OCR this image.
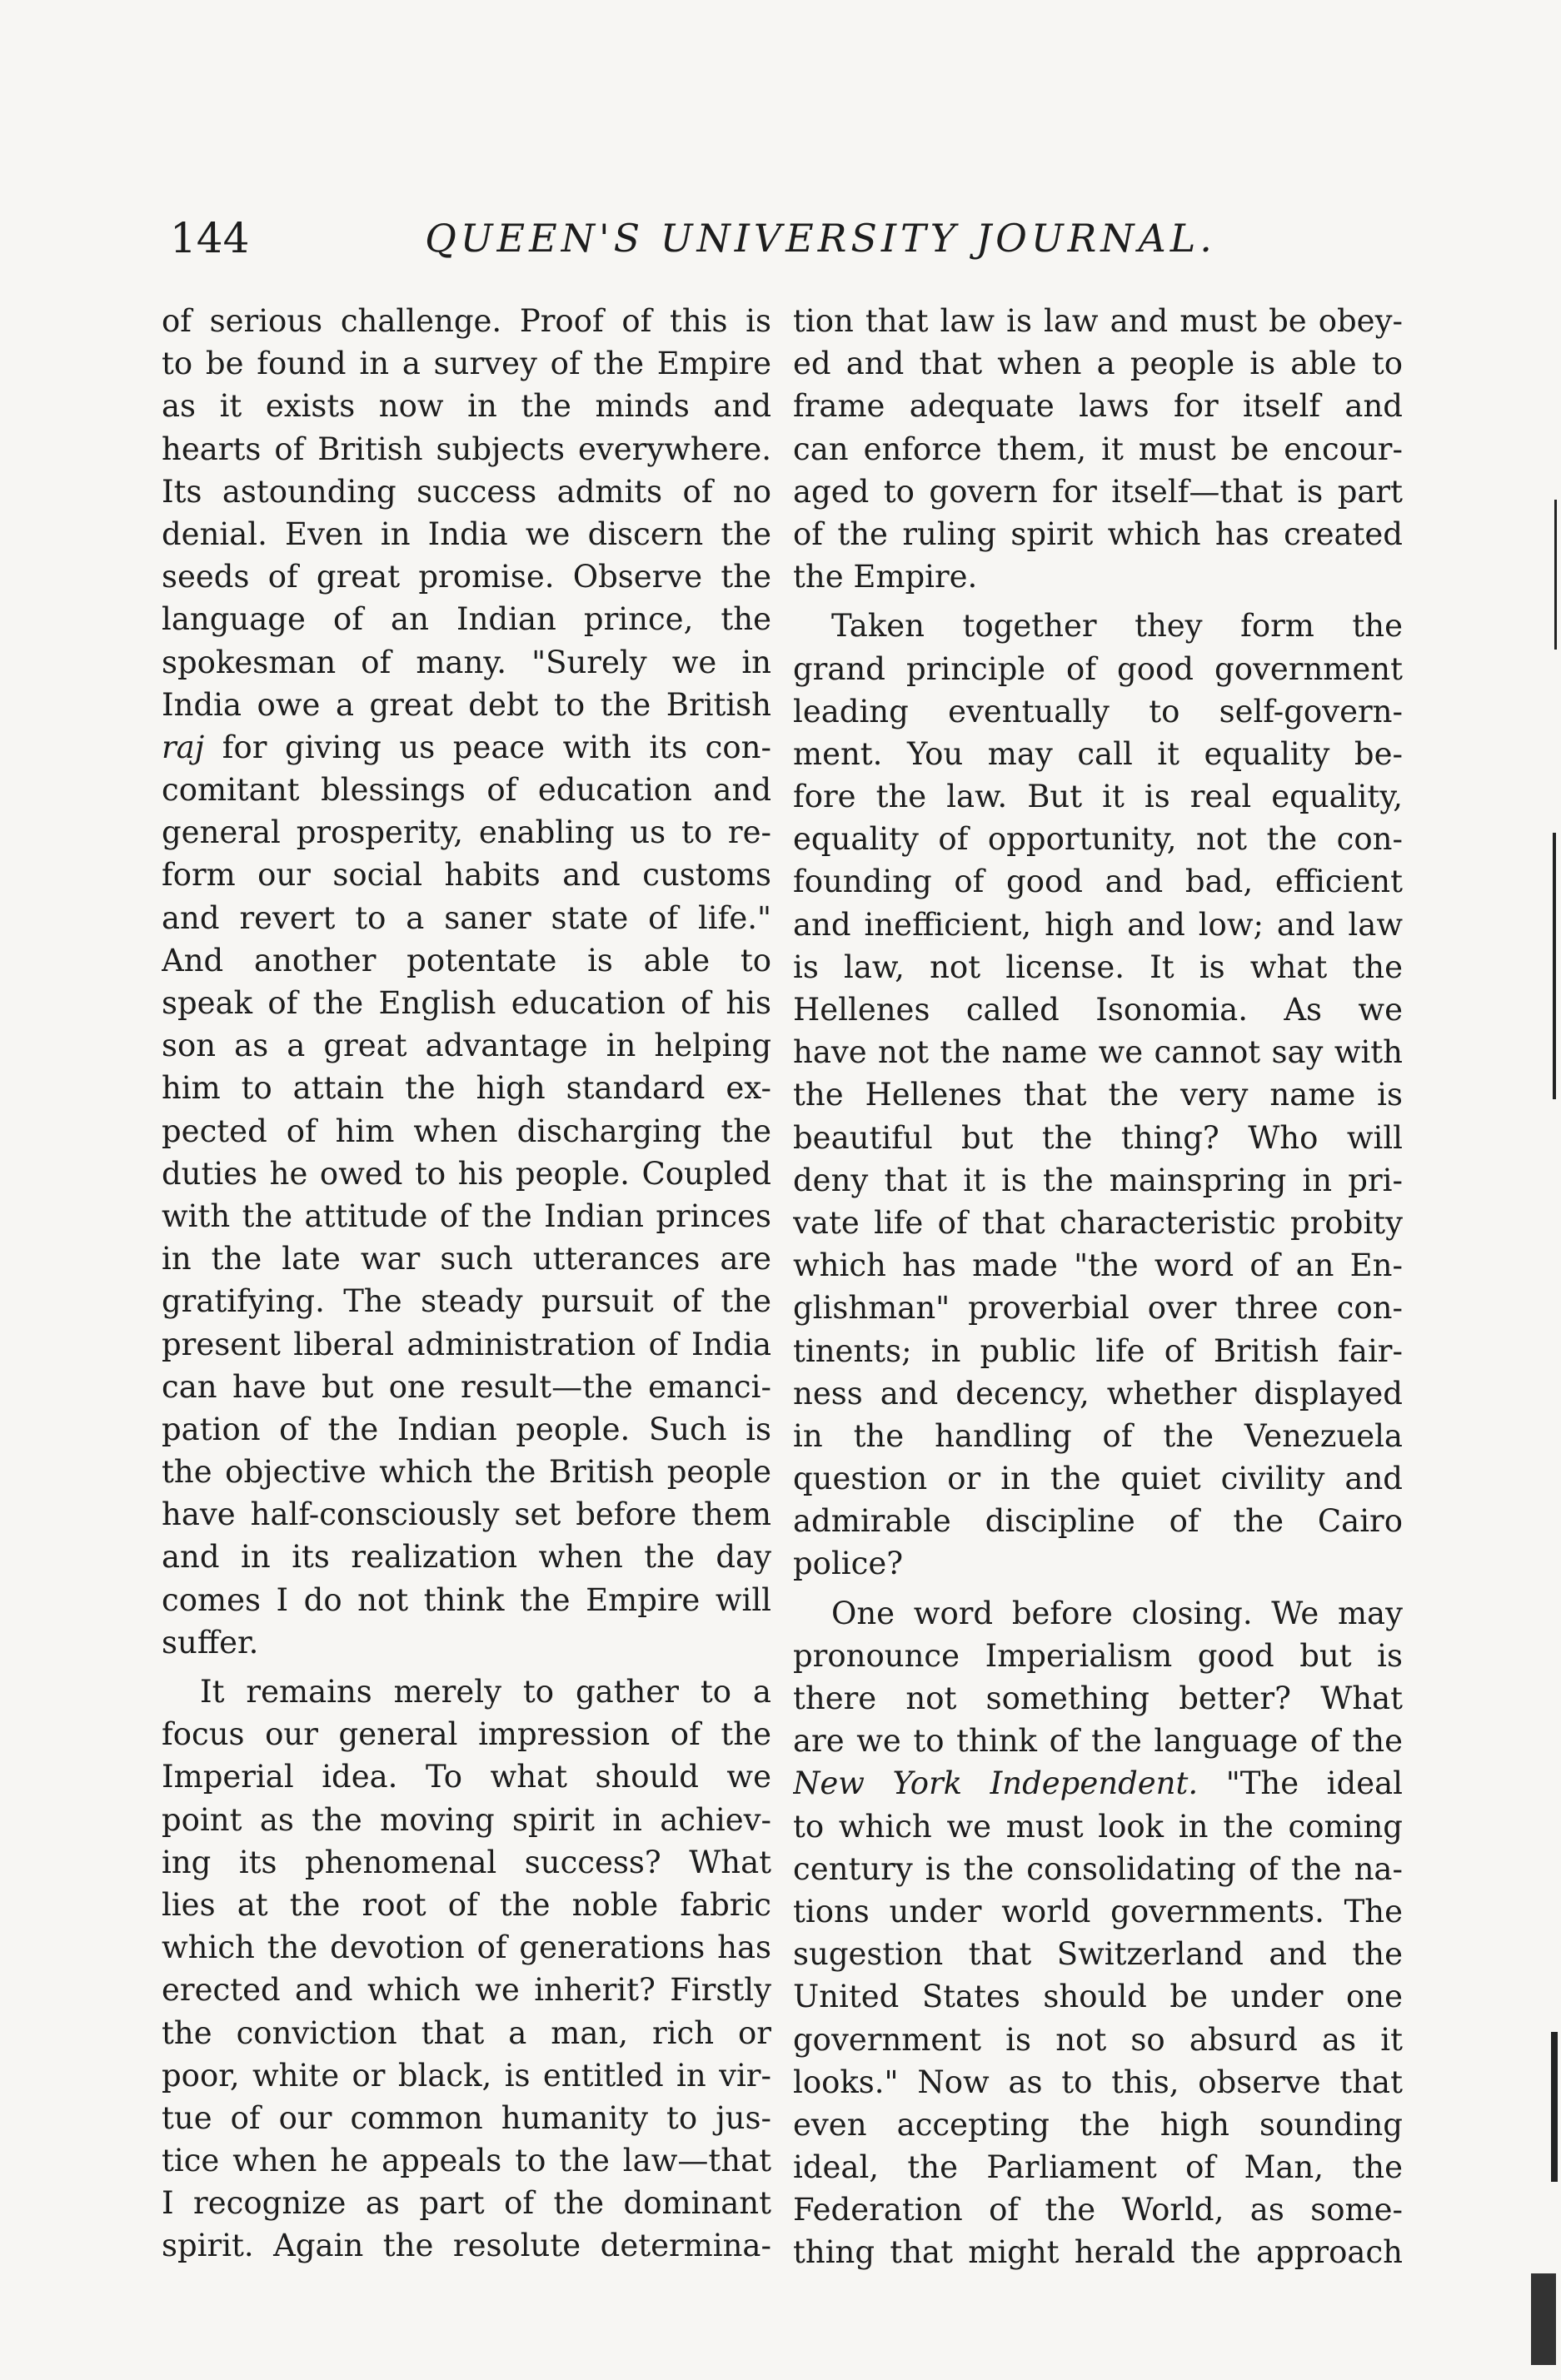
144	QUEEN'S UNIVERSITY JOURNAL.
of serious challenge. Proof of this is
to be found in a survey of the Empire
as it exists now in the minds and
hearts of British subjects everywhere.
Its astounding success admits of no
denial. Even in India we discern the
seeds of great promise. Observe the
language of an Indian prince, the
spokesman of many. "Surely we in
India owe a great debt to the British
raj for giving us peace with its con-
comitant blessings of education and
general prosperity, enabling us to re-
form our social habits and customs
and revert to a saner state of life."
And another potentate is able to
speak of the English education of his
son as a great advantage in helping
him to attain the high standard ex-
pected of him when discharging the
duties he owed to his people. Coupled
with the attitude of the Indian princes
in the late war such utterances are
gratifying. The steady pursuit of the
present liberal administration of India
can have but one result—the emanci-
pation of the Indian people. Such is
the objective which the British people
have half-consciously set before them
and in its realization when the day
comes I do not think the Empire will
suffer.
It remains merely to gather to a
focus our general impression of the
Imperial idea. To what should we
point as the moving spirit in achiev-
ing its phenomenal success? What
lies at the root of the noble fabric
which the devotion of generations has
erected and which we inherit? Firstly
the conviction that a man, rich or
poor, white or black, is entitled in vir-
tue of our common humanity to jus-
tice when he appeals to the law—that
I recognize as part of the dominant
spirit. Again the resolute determina-
tion that law is law and must be obey-
ed and that when a people is able to
frame adequate laws for itself and
can enforce them, it must be encour-
aged to govern for itself—that is part
of the ruling spirit which has created
the Empire.
Taken together they form the
grand principle of good government
leading eventually to self-govern-
ment. You may call it equality be-
fore the law. But it is real equality,
equality of opportunity, not the con-
founding of good and bad, efficient
and inefficient, high and low; and law
is law, not license. It is what the
Hellenes called Isonomia. As we
have not the name we cannot say with
the Hellenes that the very name is
beautiful but the thing? Who will
deny that it is the mainspring in pri-
vate life of that characteristic probity
which has made "the word of an En-
glishman" proverbial over three con-
tinents; in public life of British fair-
ness and decency, whether displayed
in the handling of the Venezuela
question or in the quiet civility and
admirable discipline of the Cairo
police?
One word before closing. We may
pronounce Imperialism good but is
there not something better? What
are we to think of the language of the
New York Independent. "The ideal
to which we must look in the coming
century is the consolidating of the na-
tions under world governments. The
sugestion that Switzerland and the
United States should be under one
government is not so absurd as it
looks." Now as to this, observe that
even accepting the high sounding
ideal, the Parliament of Man, the
Federation of the World, as some-
thing that might herald the approach
